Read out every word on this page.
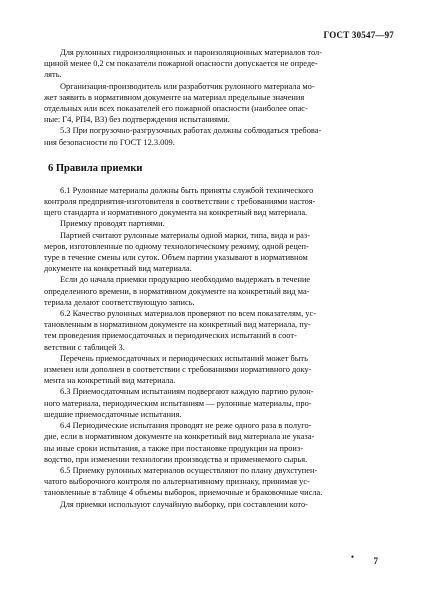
ГОСТ 30547—97
Для рулонных гидроизоляционных и пароизоляционных материалов тол-
щиной менее 0,2 см показатели пожарной опасности допускается не опреде-
лять.
Организация-производитель или разработчик рулонного материала мо-
жет заявить в нормативном документе на материал предельные значения
отдельных или всех показателей его пожарной опасности (наиболее опас-
ные: Г4, РП4, В3) без подтверждения испытаниями.
5.3 При погрузочно-разгрузочных работах должны соблюдаться требова-
ния безопасности по ГОСТ 12.3.009.
6 Правила приемки
6.1 Рулонные материалы должны быть приняты службой технического
контроля предприятия-изготовителя в соответствии с требованиями настоя-
щего стандарта и нормативного документа на конкретный вид материала.
Приемку проводят партиями.
Партией считают рулонные материалы одной марки, типа, вида и раз-
меров, изготовленные по одному технологическому режиму, одной рецеп-
туре в течение смены или суток. Объем партии указывают в нормативном
документе на конкретный вид материала.
Если до начала приемки продукцию необходимо выдержать в течение
определенного времени, в нормативном документе на конкретный вид ма-
териала делают соответствующую запись.
6.2 Качество рулонных материалов проверяют по всем показателям, ус-
тановленным в нормативном документе на конкретный вид материала, пу-
тем проведения приемосдаточных и периодических испытаний в соот-
ветствии с таблицей 3.
Перечень приемосдаточных и периодических испытаний может быть
изменен или дополнен в соответствии с требованиями нормативного доку-
мента на конкретный вид материала.
6.3 Приемосдаточным испытаниям подвергают каждую партию рулон-
ного материала, периодическим испытаниям — рулонные материалы, про-
шедшие приемосдаточные испытания.
6.4 Периодические испытания проводят не реже одного раза в полуго-
дие, если в нормативном документе на конкретный вид материала не указа-
ны иные сроки испытания, а также при постановке продукции на произ-
водство, при изменении технологии производства и применяемого сырья.
6.5 Приемку рулонных материалов осуществляют по плану двухступен-
чатого выборочного контроля по альтернативному признаку, принимая ус-
тановленные в таблице 4 объемы выборок, приемочные и браковочные числа.
Для приемки используют случайную выборку, при составлении кото-
• 7
